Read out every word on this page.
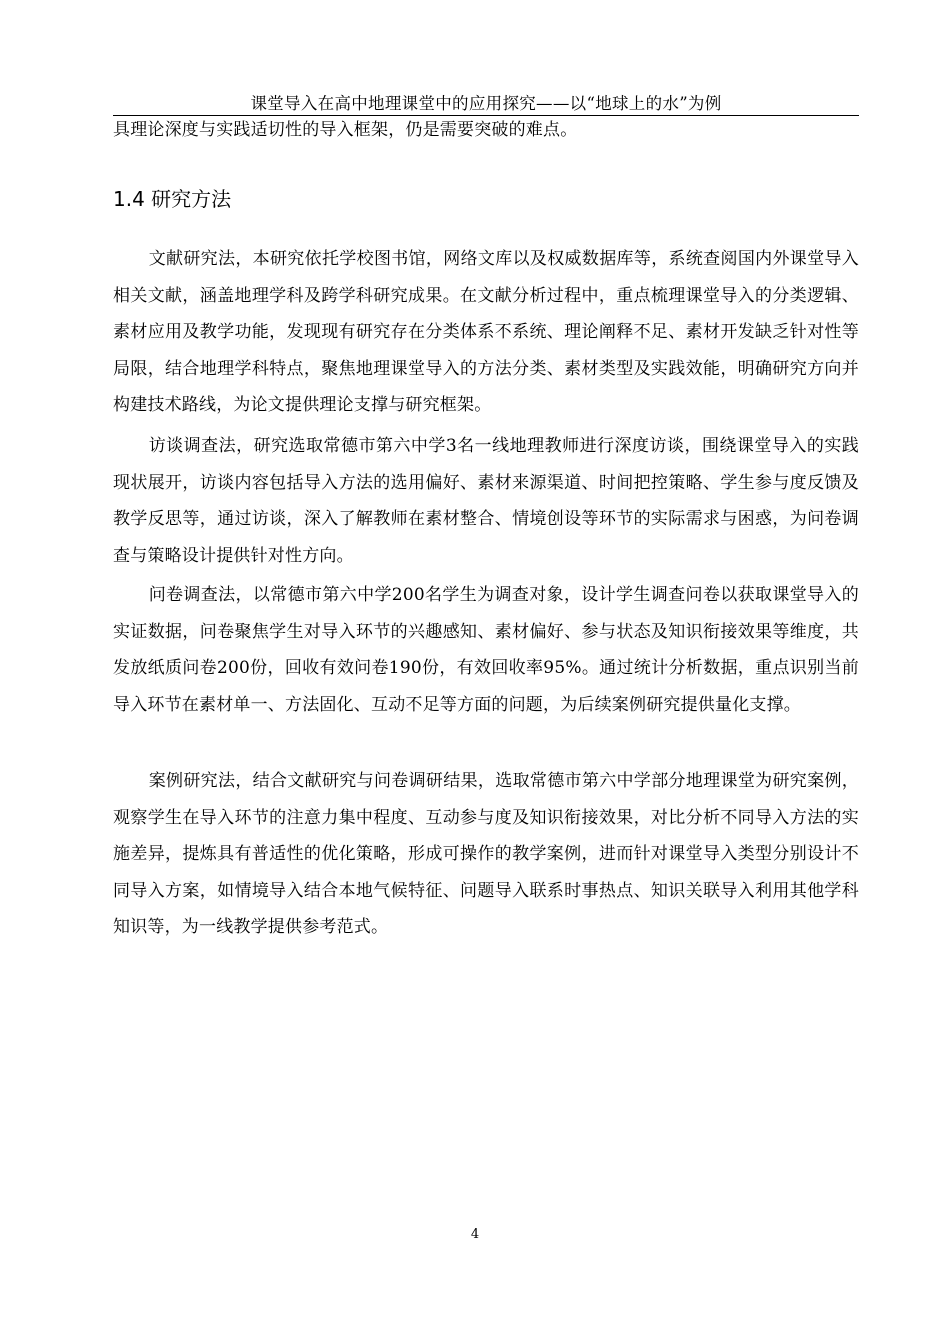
课堂导入在高中地理课堂中的应用探究——以“地球上的水”为例

具理论深度与实践适切性的导入框架，仍是需要突破的难点。

1.4 研究方法

文献研究法，本研究依托学校图书馆，网络文库以及权威数据库等，系统查阅国内外课堂导入相关文献，涵盖地理学科及跨学科研究成果。在文献分析过程中，重点梳理课堂导入的分类逻辑、素材应用及教学功能，发现现有研究存在分类体系不系统、理论阐释不足、素材开发缺乏针对性等局限，结合地理学科特点，聚焦地理课堂导入的方法分类、素材类型及实践效能，明确研究方向并构建技术路线，为论文提供理论支撑与研究框架。

访谈调查法，研究选取常德市第六中学3名一线地理教师进行深度访谈，围绕课堂导入的实践现状展开，访谈内容包括导入方法的选用偏好、素材来源渠道、时间把控策略、学生参与度反馈及教学反思等，通过访谈，深入了解教师在素材整合、情境创设等环节的实际需求与困惑，为问卷调查与策略设计提供针对性方向。

问卷调查法，以常德市第六中学200名学生为调查对象，设计学生调查问卷以获取课堂导入的实证数据，问卷聚焦学生对导入环节的兴趣感知、素材偏好、参与状态及知识衔接效果等维度，共发放纸质问卷200份，回收有效问卷190份，有效回收率95%。通过统计分析数据，重点识别当前导入环节在素材单一、方法固化、互动不足等方面的问题，为后续案例研究提供量化支撑。

案例研究法，结合文献研究与问卷调研结果，选取常德市第六中学部分地理课堂为研究案例，观察学生在导入环节的注意力集中程度、互动参与度及知识衔接效果，对比分析不同导入方法的实施差异，提炼具有普适性的优化策略，形成可操作的教学案例，进而针对课堂导入类型分别设计不同导入方案，如情境导入结合本地气候特征、问题导入联系时事热点、知识关联导入利用其他学科知识等，为一线教学提供参考范式。

4
